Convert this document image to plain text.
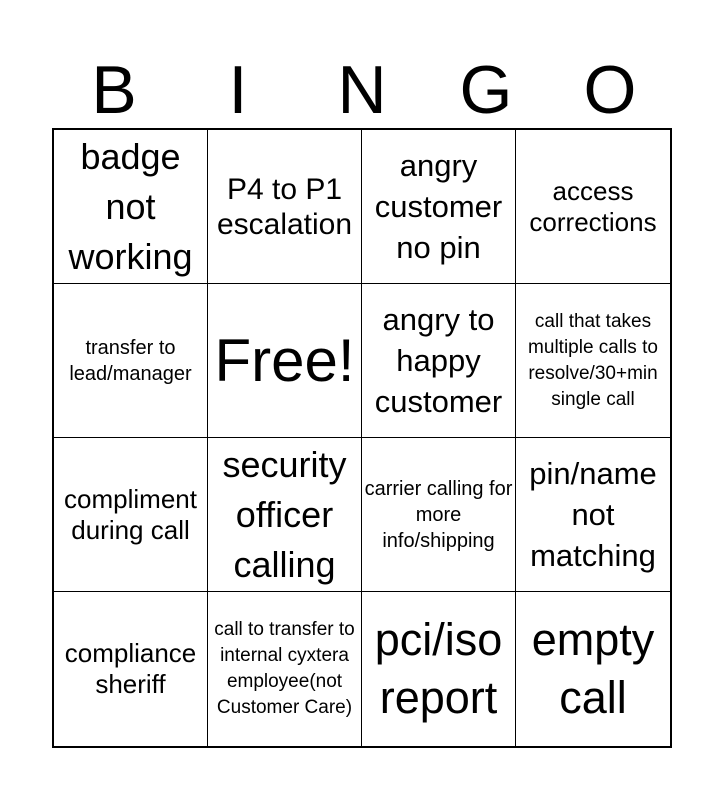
B	I	N	G	O
badge not working
P4 to P1 escalation
angry customer no pin
access corrections
transfer to lead/manager Free!
angry to happy customer
call that takes multiple calls to resolve/30+min single call
compliment during call
security officer calling
carrier calling for more info/shipping
pin/name not matching
compliance sheriff
call to transfer to internal cyxtera employee(not Customer Care)
pci/iso report
empty call
